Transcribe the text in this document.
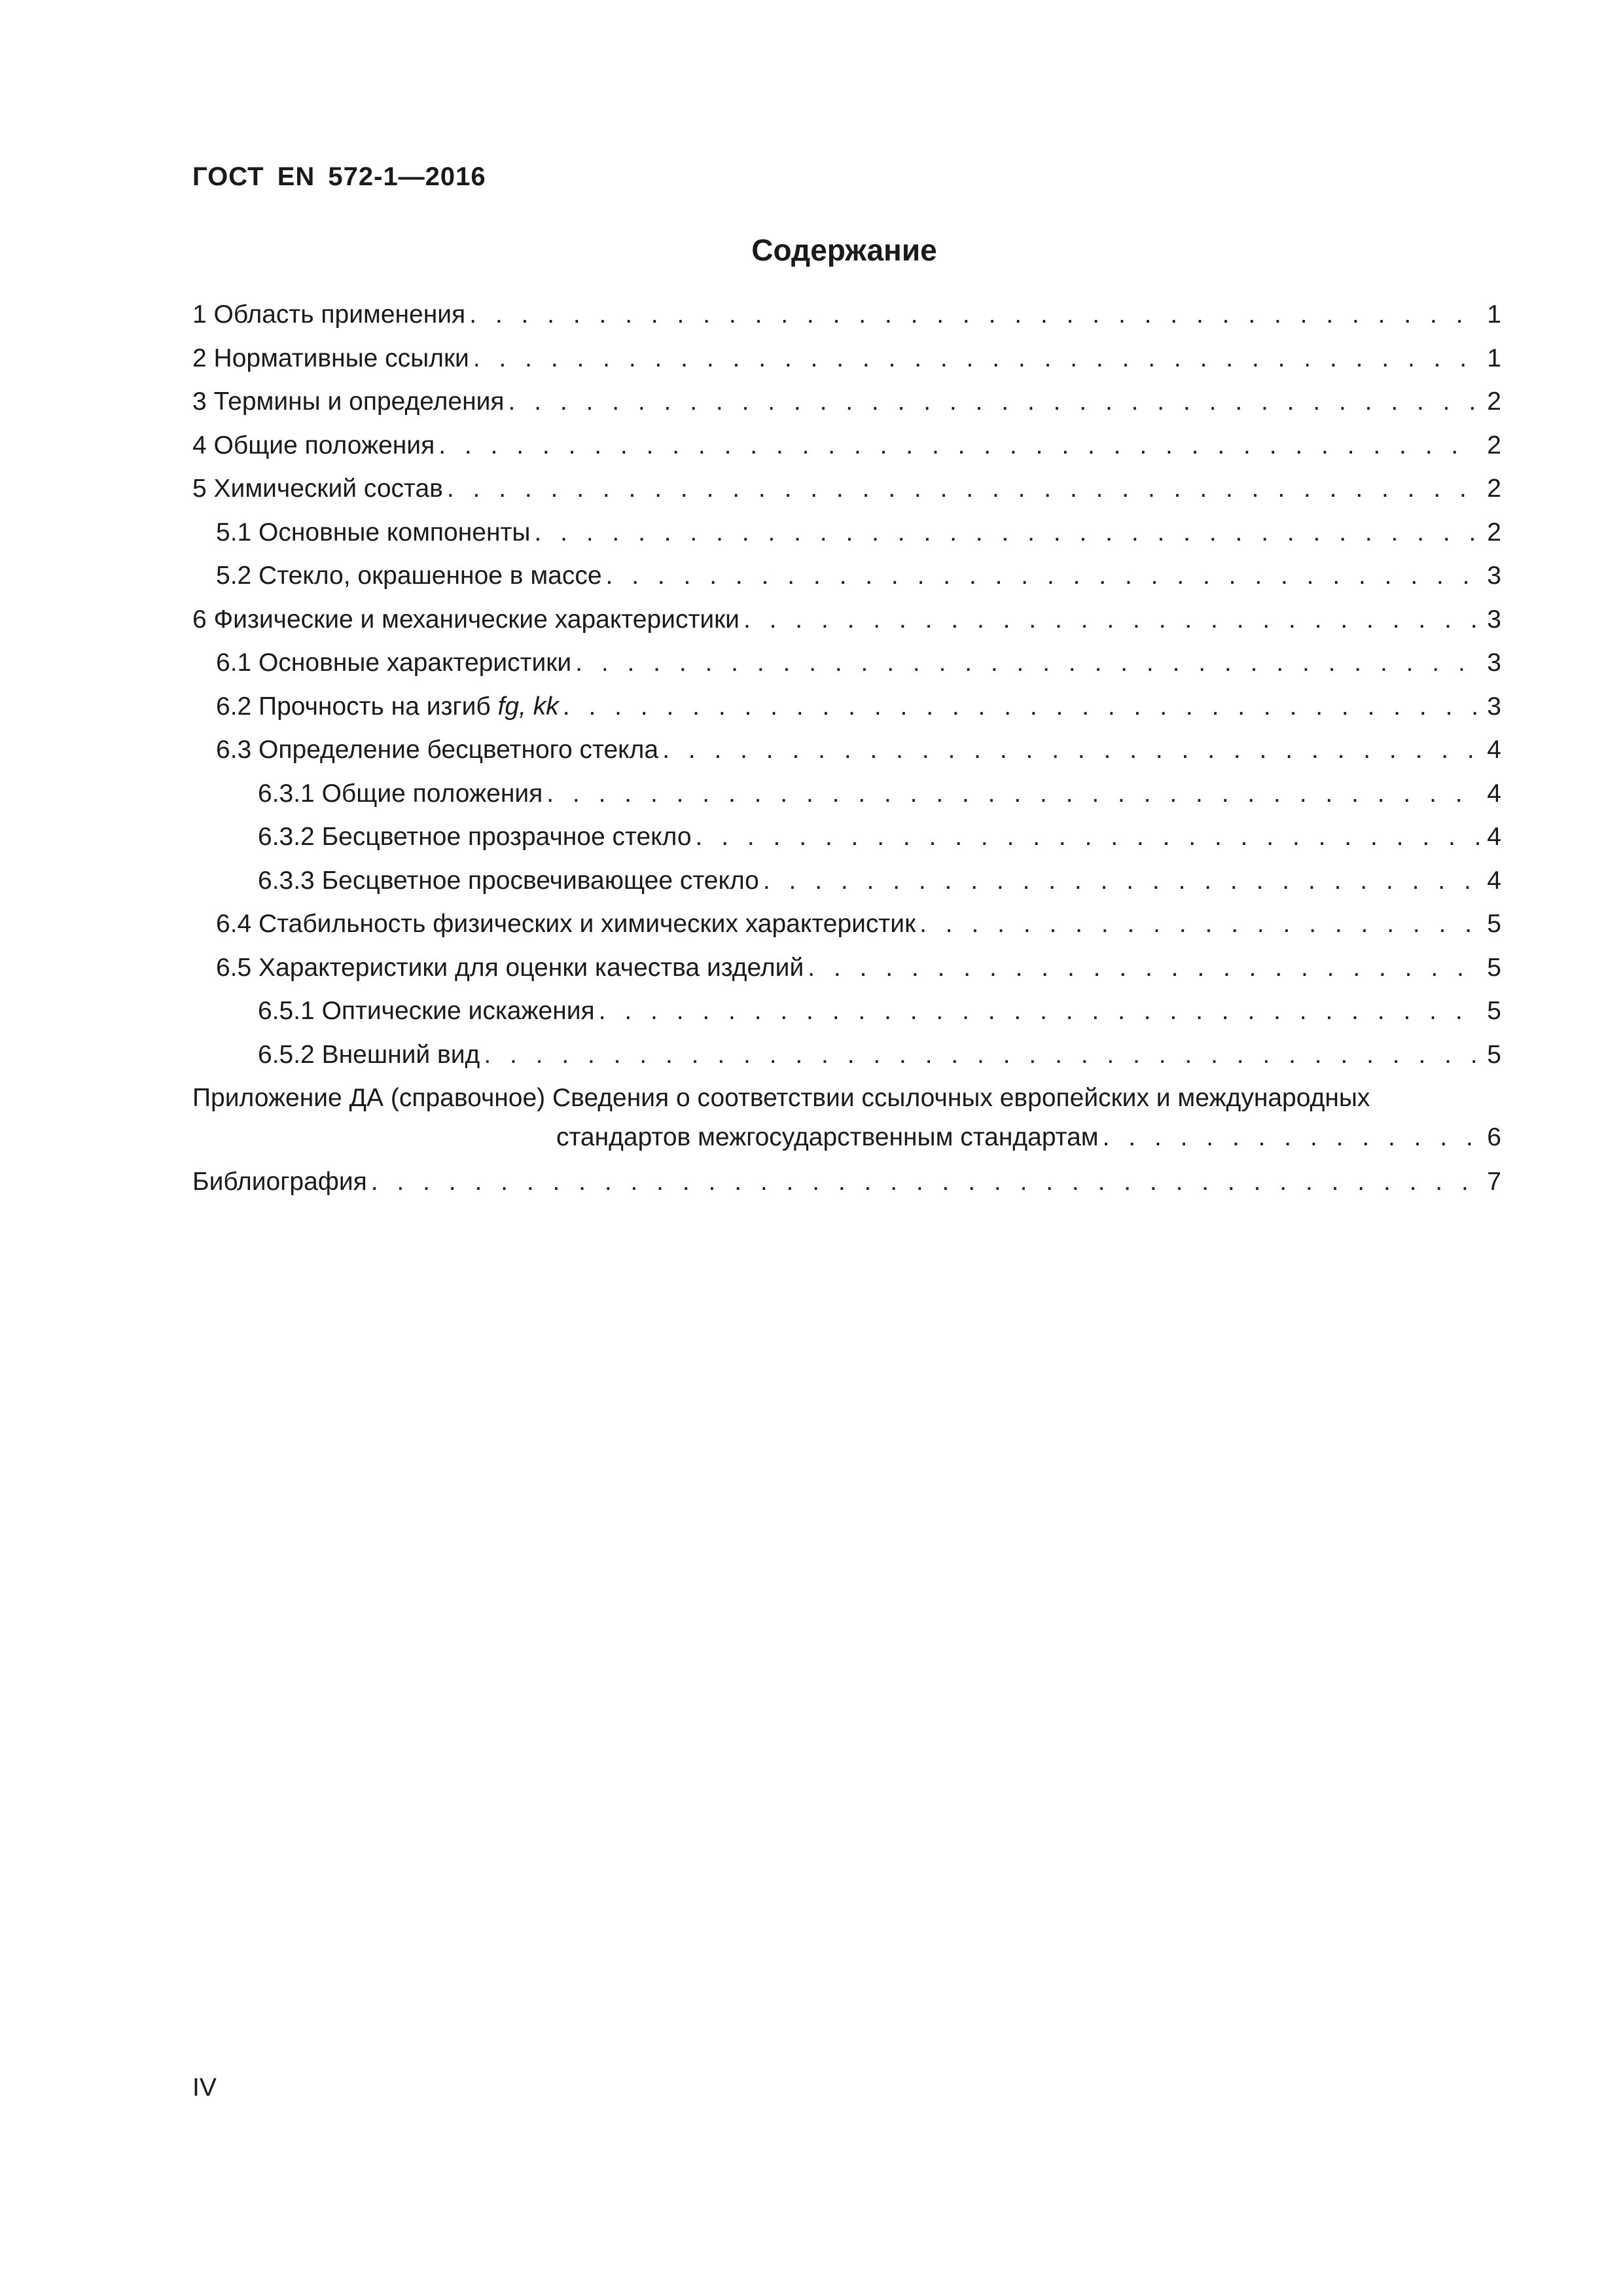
ГОСТ EN 572-1—2016
Содержание
1 Область применения . . .	1
2 Нормативные ссылки . . .	1
3 Термины и определения . . .	2
4 Общие положения . . .	2
5 Химический состав . . .	2
5.1 Основные компоненты . . .	2
5.2 Стекло, окрашенное в массе . . .	3
6 Физические и механические характеристики . . .	3
6.1 Основные характеристики . . .	3
6.2 Прочность на изгиб fg, kk . . .	3
6.3 Определение бесцветного стекла . . .	4
6.3.1 Общие положения . . .	4
6.3.2 Бесцветное прозрачное стекло . . .	4
6.3.3 Бесцветное просвечивающее стекло . . .	4
6.4 Стабильность физических и химических характеристик . . .	5
6.5 Характеристики для оценки качества изделий . . .	5
6.5.1 Оптические искажения . . .	5
6.5.2 Внешний вид . . .	5
Приложение ДА (справочное) Сведения о соответствии ссылочных европейских и международных
стандартов межгосударственным стандартам . . .	6
Библиография . . .	7
IV
